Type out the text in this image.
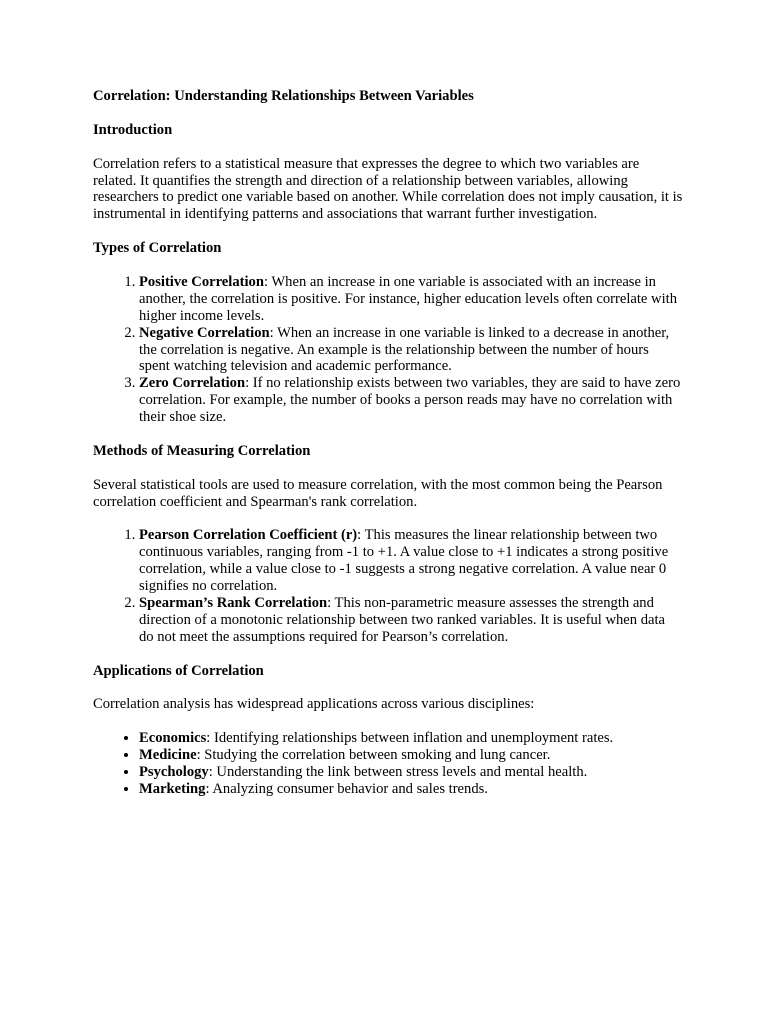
Correlation: Understanding Relationships Between Variables

Introduction

Correlation refers to a statistical measure that expresses the degree to which two variables are related. It quantifies the strength and direction of a relationship between variables, allowing researchers to predict one variable based on another. While correlation does not imply causation, it is instrumental in identifying patterns and associations that warrant further investigation.

Types of Correlation

1. Positive Correlation: When an increase in one variable is associated with an increase in another, the correlation is positive. For instance, higher education levels often correlate with higher income levels.
2. Negative Correlation: When an increase in one variable is linked to a decrease in another, the correlation is negative. An example is the relationship between the number of hours spent watching television and academic performance.
3. Zero Correlation: If no relationship exists between two variables, they are said to have zero correlation. For example, the number of books a person reads may have no correlation with their shoe size.

Methods of Measuring Correlation

Several statistical tools are used to measure correlation, with the most common being the Pearson correlation coefficient and Spearman's rank correlation.

1. Pearson Correlation Coefficient (r): This measures the linear relationship between two continuous variables, ranging from -1 to +1. A value close to +1 indicates a strong positive correlation, while a value close to -1 suggests a strong negative correlation. A value near 0 signifies no correlation.
2. Spearman’s Rank Correlation: This non-parametric measure assesses the strength and direction of a monotonic relationship between two ranked variables. It is useful when data do not meet the assumptions required for Pearson’s correlation.

Applications of Correlation

Correlation analysis has widespread applications across various disciplines:

• Economics: Identifying relationships between inflation and unemployment rates.
• Medicine: Studying the correlation between smoking and lung cancer.
• Psychology: Understanding the link between stress levels and mental health.
• Marketing: Analyzing consumer behavior and sales trends.
